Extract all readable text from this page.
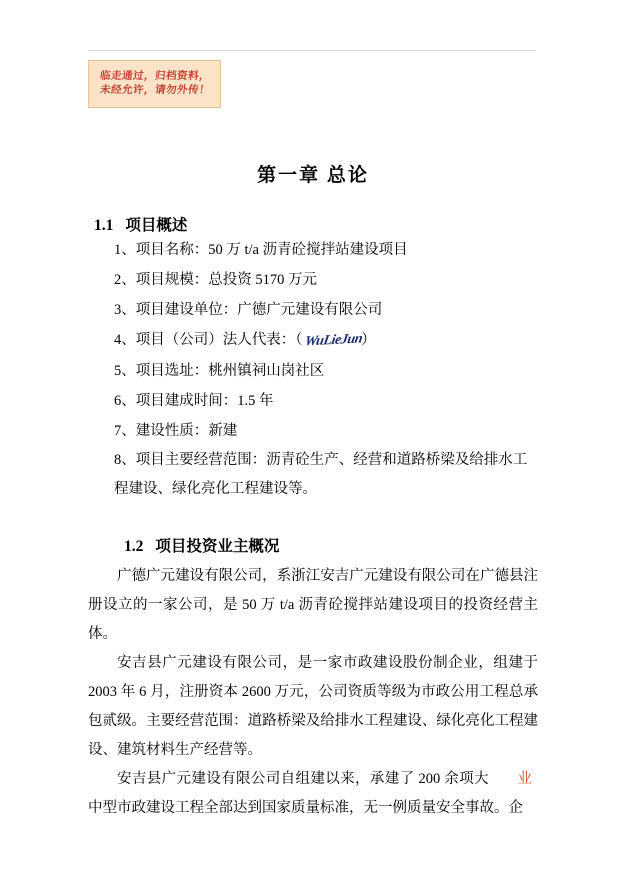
临走通过，归档资料，
未经允许，请勿外传！
第一章 总论
1.1 项目概述
1、项目名称：50 万 t/a 沥青砼搅拌站建设项目
2、项目规模：总投资 5170 万元
3、项目建设单位：广德广元建设有限公司
4、项目（公司）法人代表：（WuLieJun）
5、项目选址：桃州镇祠山岗社区
6、项目建成时间：1.5 年
7、建设性质：新建
8、项目主要经营范围：沥青砼生产、经营和道路桥梁及给排水工程建设、绿化亮化工程建设等。
1.2 项目投资业主概况

广德广元建设有限公司，系浙江安吉广元建设有限公司在广德县注册设立的一家公司，是 50 万 t/a 沥青砼搅拌站建设项目的投资经营主体。

安吉县广元建设有限公司，是一家市政建设股份制企业，组建于 2003 年 6 月，注册资本 2600 万元，公司资质等级为市政公用工程总承包贰级。主要经营范围：道路桥梁及给排水工程建设、绿化亮化工程建设、建筑材料生产经营等。

业
安吉县广元建设有限公司自组建以来，承建了 200 余项大中型市政建设工程全部达到国家质量标准，无一例质量安全事故。企
